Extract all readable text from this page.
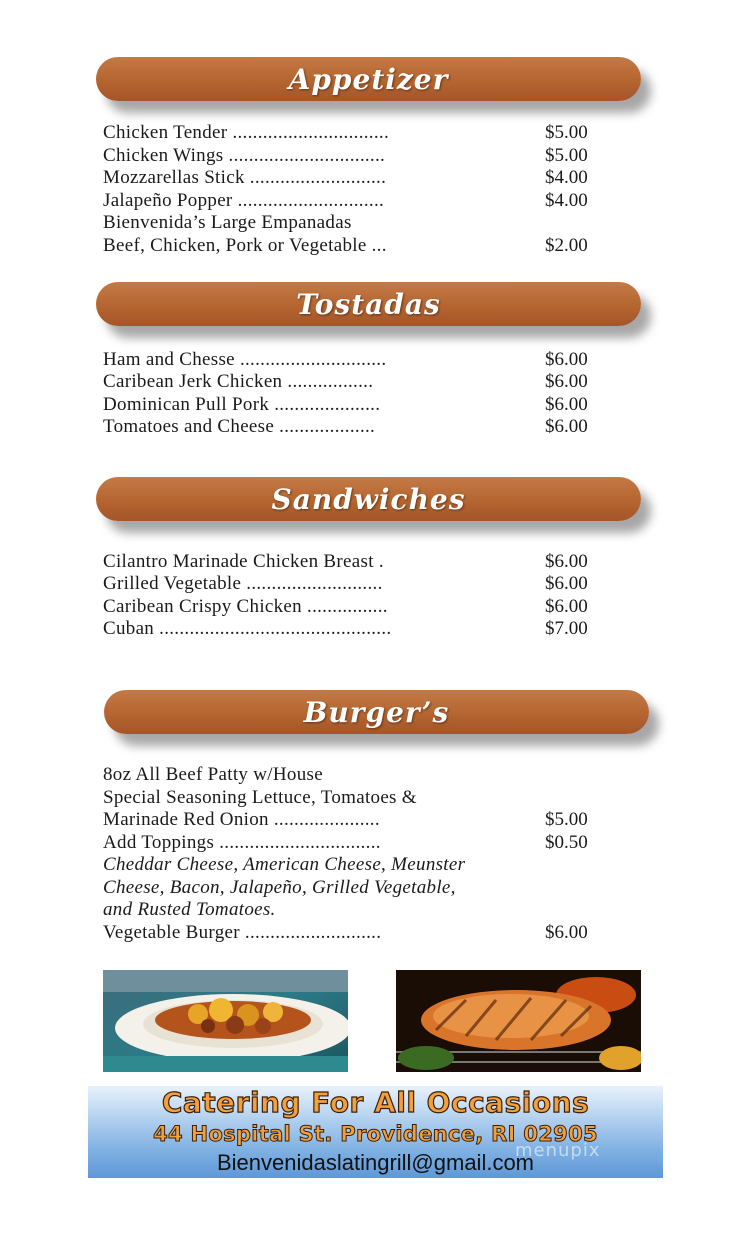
Appetizer
Chicken Tender ...............................	$5.00
Chicken Wings ...............................	$5.00
Mozzarellas Stick ...........................	$4.00
Jalapeño Popper .............................	$4.00
Bienvenida’s Large Empanadas
Beef, Chicken, Pork or Vegetable ...	$2.00
Tostadas
Ham and Chesse .............................	$6.00
Caribean Jerk Chicken .................	$6.00
Dominican Pull Pork .....................	$6.00
Tomatoes and Cheese ...................	$6.00
Sandwiches
Cilantro Marinade Chicken Breast .	$6.00
Grilled Vegetable ...........................	$6.00
Caribean Crispy Chicken ................	$6.00
Cuban ..............................................	$7.00
Burger’s
8oz All Beef Patty w/House
Special Seasoning Lettuce, Tomatoes &
Marinade Red Onion .....................	$5.00
Add Toppings ................................	$0.50
Cheddar Cheese, American Cheese, Meunster
Cheese, Bacon, Jalapeño, Grilled Vegetable,
and Rusted Tomatoes.
Vegetable Burger ...........................	$6.00
Catering For All Occasions
44 Hospital St. Providence, RI 02905
Bienvenidaslatingrill@gmail.com
menupix
